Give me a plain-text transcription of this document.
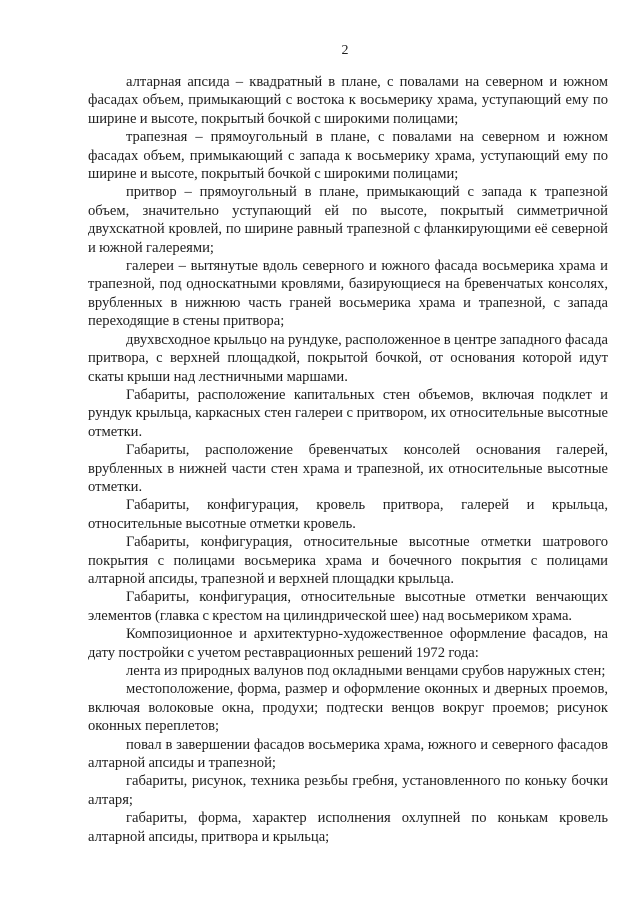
2

алтарная апсида – квадратный в плане, с повалами на северном и южном фасадах объем, примыкающий с востока к восьмерику храма, уступающий ему по ширине и высоте, покрытый бочкой с широкими полицами;

трапезная – прямоугольный в плане, с повалами на северном и южном фасадах объем, примыкающий с запада к восьмерику храма, уступающий ему по ширине и высоте, покрытый бочкой с широкими полицами;

притвор – прямоугольный в плане, примыкающий с запада к трапезной объем, значительно уступающий ей по высоте, покрытый симметричной двухскатной кровлей, по ширине равный трапезной с фланкирующими её северной и южной галереями;

галереи – вытянутые вдоль северного и южного фасада восьмерика храма и трапезной, под односкатными кровлями, базирующиеся на бревенчатых консолях, врубленных в нижнюю часть граней восьмерика храма и трапезной, с запада переходящие в стены притвора;

двухвсходное крыльцо на рундуке, расположенное в центре западного фасада притвора, с верхней площадкой, покрытой бочкой, от основания которой идут скаты крыши над лестничными маршами.

Габариты, расположение капитальных стен объемов, включая подклет и рундук крыльца, каркасных стен галереи с притвором, их относительные высотные отметки.

Габариты, расположение бревенчатых консолей основания галерей, врубленных в нижней части стен храма и трапезной, их относительные высотные отметки.

Габариты, конфигурация, кровель притвора, галерей и крыльца, относительные высотные отметки кровель.

Габариты, конфигурация, относительные высотные отметки шатрового покрытия с полицами восьмерика храма и бочечного покрытия с полицами алтарной апсиды, трапезной и верхней площадки крыльца.

Габариты, конфигурация, относительные высотные отметки венчающих элементов (главка с крестом на цилиндрической шее) над восьмериком храма.

Композиционное и архитектурно-художественное оформление фасадов, на дату постройки с учетом реставрационных решений 1972 года:

лента из природных валунов под окладными венцами срубов наружных стен;

местоположение, форма, размер и оформление оконных и дверных проемов, включая волоковые окна, продухи; подтески венцов вокруг проемов; рисунок оконных переплетов;

повал в завершении фасадов восьмерика храма, южного и северного фасадов алтарной апсиды и трапезной;

габариты, рисунок, техника резьбы гребня, установленного по коньку бочки алтаря;

габариты, форма, характер исполнения охлупней по конькам кровель алтарной апсиды, притвора и крыльца;
